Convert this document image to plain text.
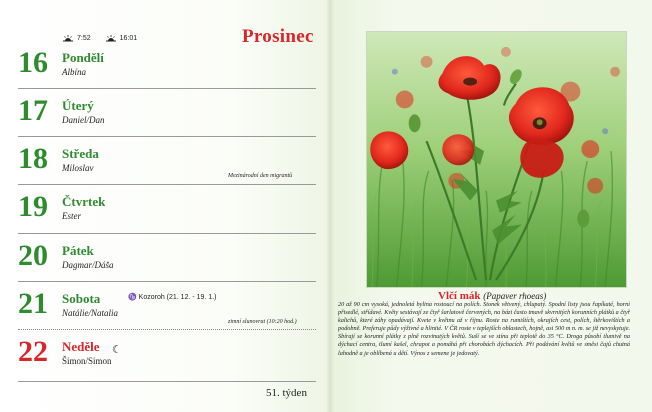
7:52	16:01	Prosinec
16 Pondělí
Albína
17 Úterý
Daniel/Dan
18 Středa
Miloslav
Mezinárodní den migrantů
19 Čtvrtek
Ester
20 Pátek
Dagmar/Dáša
21 Sobota
Natálie/Natalia
♑ Kozoroh (21. 12. - 19. 1.)
zimní slunovrat (10:20 hod.)
22 Neděle
Šimon/Simon
☾
51. týden
Vlčí mák (Papaver rhoeas)
20 až 90 cm vysoká, jednoletá bylina rostoucí na polích. Stonek větvený, chlupatý. Spodní listy jsou řapíkaté, horní přisedlé, střídavé. Květy sestávají ze čtyř šarlatově červených, na bázi často tmavě skvrnitých korunních plátků a čtyř kalichů, které záhy opadávají. Kvete v květnu až v říjnu. Roste na rumištích, okrajích cest, polích, štěrkovištích a podobně. Preferuje půdy výživné a hlinité. V ČR roste v teplejších oblastech, hojně, asi 500 m n. m. se již nevyskytuje. Sbírají se korunní plátky z plně rozvinutých květů. Suší se ve stínu při teplotě do 35 °C. Droga působí tlumivě na dýchací centra, tlumí kašel, chrapot a pomáhá při chorobách dýchacích. Při podávání květů ve směsi čajů chutná lahodně a je oblíbená u dětí. Výnos z semene je jedovatý.
